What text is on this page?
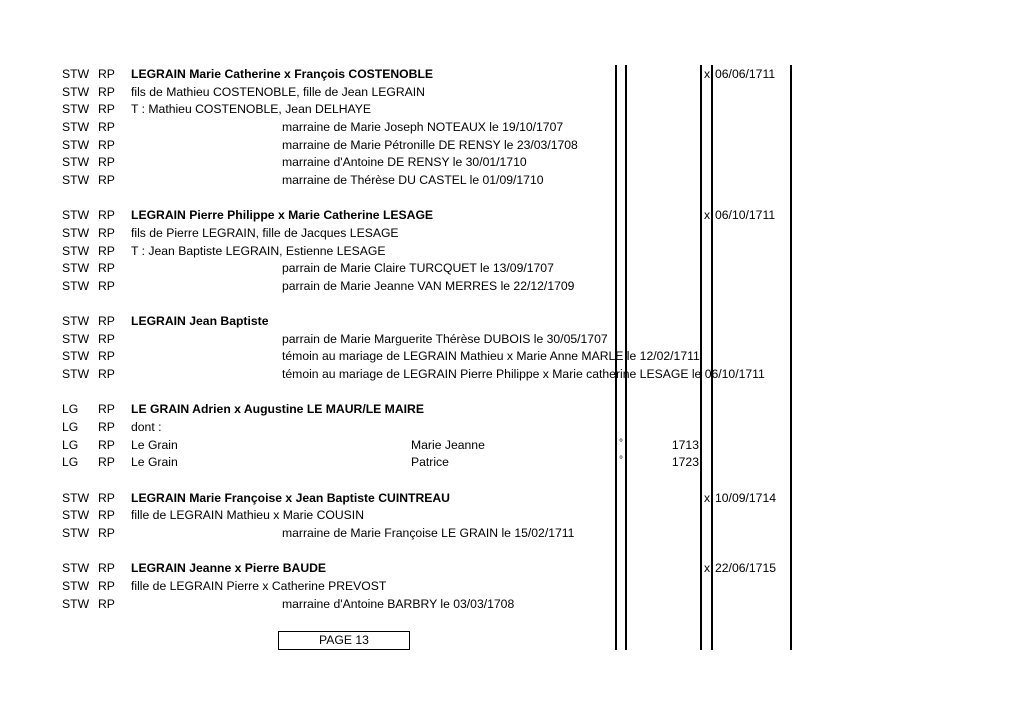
STW RP LEGRAIN Marie Catherine x François COSTENOBLE	x 06/06/1711
STW RP fils de Mathieu COSTENOBLE, fille de Jean LEGRAIN
STW RP T : Mathieu COSTENOBLE, Jean DELHAYE
STW RP	marraine de Marie Joseph NOTEAUX le 19/10/1707
STW RP	marraine de Marie Pétronille DE RENSY le 23/03/1708
STW RP	marraine d'Antoine DE RENSY le 30/01/1710
STW RP	marraine de Thérèse DU CASTEL le 01/09/1710
STW RP LEGRAIN Pierre Philippe x Marie Catherine LESAGE	x 06/10/1711
STW RP fils de Pierre LEGRAIN, fille de Jacques LESAGE
STW RP T : Jean Baptiste LEGRAIN, Estienne LESAGE
STW RP	parrain de Marie Claire TURCQUET le 13/09/1707
STW RP	parrain de Marie Jeanne VAN MERRES le 22/12/1709
STW RP LEGRAIN Jean Baptiste
STW RP	parrain de Marie Marguerite Thérèse DUBOIS le 30/05/1707
STW RP	témoin au mariage de LEGRAIN Mathieu x Marie Anne MARLE le 12/02/1711
STW RP	témoin au mariage de LEGRAIN Pierre Philippe x Marie catherine LESAGE le 06/10/1711
LG RP LE GRAIN Adrien x Augustine LE MAUR/LE MAIRE
LG RP dont :
LG RP Le Grain	Marie Jeanne	°	1713
LG RP Le Grain	Patrice	°	1723
STW RP LEGRAIN Marie Françoise x Jean Baptiste CUINTREAU	x 10/09/1714
STW RP fille de LEGRAIN Mathieu x Marie COUSIN
STW RP	marraine de Marie Françoise LE GRAIN le 15/02/1711
STW RP LEGRAIN Jeanne x Pierre BAUDE	x 22/06/1715
STW RP fille de LEGRAIN Pierre x Catherine PREVOST
STW RP	marraine d'Antoine BARBRY le 03/03/1708
PAGE 13
